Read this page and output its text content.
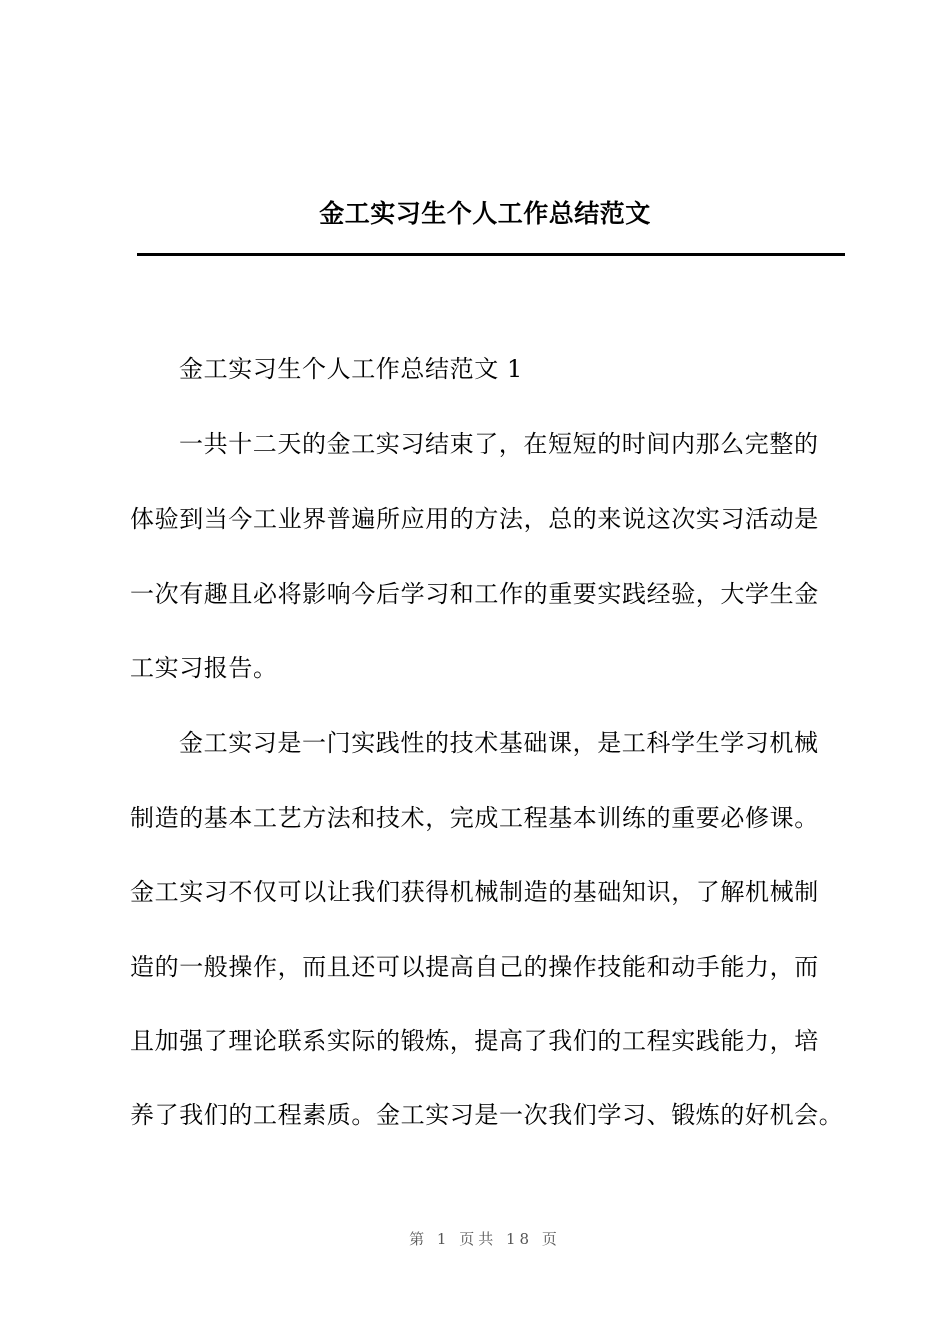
金工实习生个人工作总结范文
金工实习生个人工作总结范文 1
一共十二天的金工实习结束了，在短短的时间内那么完整的
体验到当今工业界普遍所应用的方法，总的来说这次实习活动是
一次有趣且必将影响今后学习和工作的重要实践经验，大学生金
工实习报告。
金工实习是一门实践性的技术基础课，是工科学生学习机械
制造的基本工艺方法和技术，完成工程基本训练的重要必修课。
金工实习不仅可以让我们获得机械制造的基础知识，了解机械制
造的一般操作，而且还可以提高自己的操作技能和动手能力，而
且加强了理论联系实际的锻炼，提高了我们的工程实践能力，培
养了我们的工程素质。金工实习是一次我们学习、锻炼的好机会。
第 1 页共 18 页
